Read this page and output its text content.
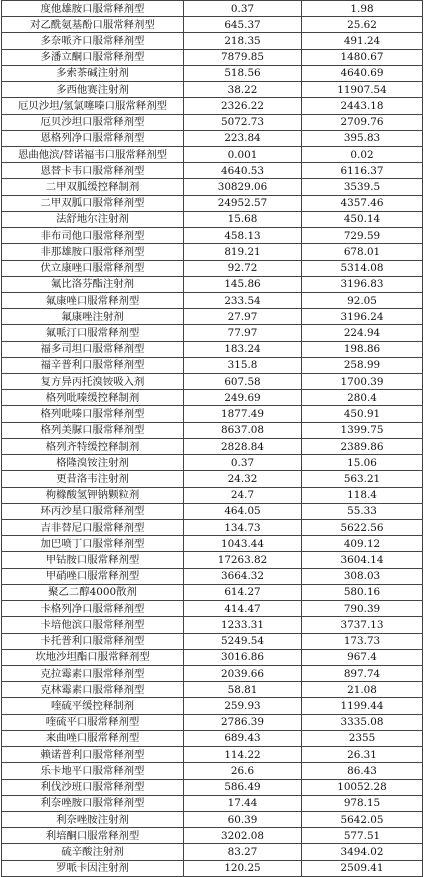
度他雄胺口服常释剂型	0.37	1.98
对乙酰氨基酚口服常释剂型	645.37	25.62
多奈哌齐口服常释剂型	218.35	491.24
多潘立酮口服常释剂型	7879.85	1480.67
多索茶碱注射剂	518.56	4640.69
多西他赛注射剂	38.22	11907.54
厄贝沙坦/氢氯噻嗪口服常释剂型	2326.22	2443.18
厄贝沙坦口服常释剂型	5072.73	2709.76
恩格列净口服常释剂型	223.84	395.83
恩曲他滨/替诺福韦口服常释剂型	0.001	0.02
恩替卡韦口服常释剂型	4640.53	6116.37
二甲双胍缓控释制剂	30829.06	3539.5
二甲双胍口服常释剂型	24952.57	4357.46
法舒地尔注射剂	15.68	450.14
非布司他口服常释剂型	458.13	729.59
非那雄胺口服常释剂型	819.21	678.01
伏立康唑口服常释剂型	92.72	5314.08
氟比洛芬酯注射剂	145.86	3196.83
氟康唑口服常释剂型	233.54	92.05
氟康唑注射剂	27.97	3196.24
氟哌汀口服常释剂型	77.97	224.94
福多司坦口服常释剂型	183.24	198.86
福辛普利口服常释剂型	315.8	258.99
复方异丙托溴铵吸入剂	607.58	1700.39
格列吡嗪缓控释制剂	249.69	280.4
格列吡嗪口服常释剂型	1877.49	450.91
格列美脲口服常释剂型	8637.08	1399.75
格列齐特缓控释制剂	2828.84	2389.86
格隆溴铵注射剂	0.37	15.06
更昔洛韦注射剂	24.32	563.21
枸橼酸氢钾钠颗粒剂	24.7	118.4
环丙沙星口服常释剂型	464.05	55.33
吉非替尼口服常释剂型	134.73	5622.56
加巴喷丁口服常释剂型	1043.44	409.12
甲钴胺口服常释剂型	17263.82	3604.14
甲硝唑口服常释剂型	3664.32	308.03
聚乙二醇4000散剂	614.27	580.16
卡格列净口服常释剂型	414.47	790.39
卡培他滨口服常释剂型	1233.31	3737.13
卡托普利口服常释剂型	5249.54	173.73
坎地沙坦酯口服常释剂型	3016.86	967.4
克拉霉素口服常释剂型	2039.66	897.74
克林霉素口服常释剂型	58.81	21.08
喹硫平缓控释制剂	259.93	1199.44
喹硫平口服常释剂型	2786.39	3335.08
来曲唑口服常释剂型	689.43	2355
赖诺普利口服常释剂型	114.22	26.31
乐卡地平口服常释剂型	26.6	86.43
利伐沙班口服常释剂型	586.49	10052.28
利奈唑胺口服常释剂型	17.44	978.15
利奈唑胺注射剂	60.39	5642.05
利培酮口服常释剂型	3202.08	577.51
硫辛酸注射剂	83.27	3494.02
罗哌卡因注射剂	120.25	2509.41
